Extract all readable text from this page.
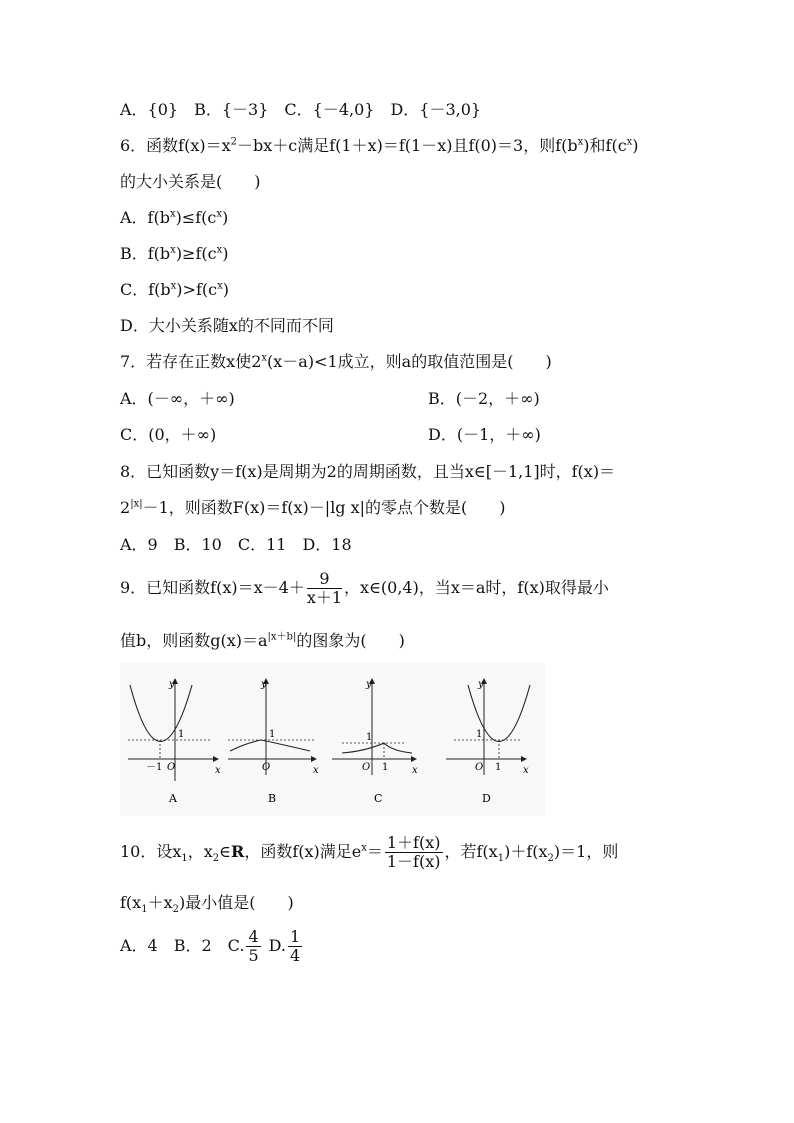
A．{0}　B．{－3}　C．{－4,0}　D．{－3,0}
6．函数$f(x)=x^2-bx+c$满足f(1＋x)＝f(1－x)且f(0)＝3，则$f(b^x)$和$f(c^x)$
的大小关系是(　　)
A．$f(b^x)\le f(c^x)$
B．$f(b^x)\ge f(c^x)$
C．$f(b^x)>f(c^x)$
D．大小关系随x的不同而不同
7．若存在正数x使$2^x(x-a)<1$成立，则a的取值范围是(　　)
A．(－∞，＋∞)	B．(－2，＋∞)
C．(0，＋∞)	D．(－1，＋∞)
8．已知函数y＝f(x)是周期为2的周期函数，且当x∈[－1,1]时，f(x)＝
$2^{|x|}-1$，则函数F(x)＝f(x)－|lg x|的零点个数是(　　)
A．9　B．10　C．11　D．18
9．已知函数$f(x)=x-4+ \frac{9}{x+1}$ ，x∈(0,4)，当x＝a时，f(x)取得最小
值b，则函数$g(x)=a^{|x+b|}$的图象为(　　)
x
y
O
1
－1	x
y
O
1
x
y
O 1
1
x
y
O 1
1
A	B	C	D
10．设$x_1$，$x_2\in R$，函数f(x)满足$e^x= \frac{1+f(x)}{1-f(x)}$ ，若$f(x_1)+f(x_2)=1$，则
$f(x_1+x_2)$最小值是(　　)
A．4　B．2　C. $\frac{4}{5} D$. $\frac{1}{4}$
